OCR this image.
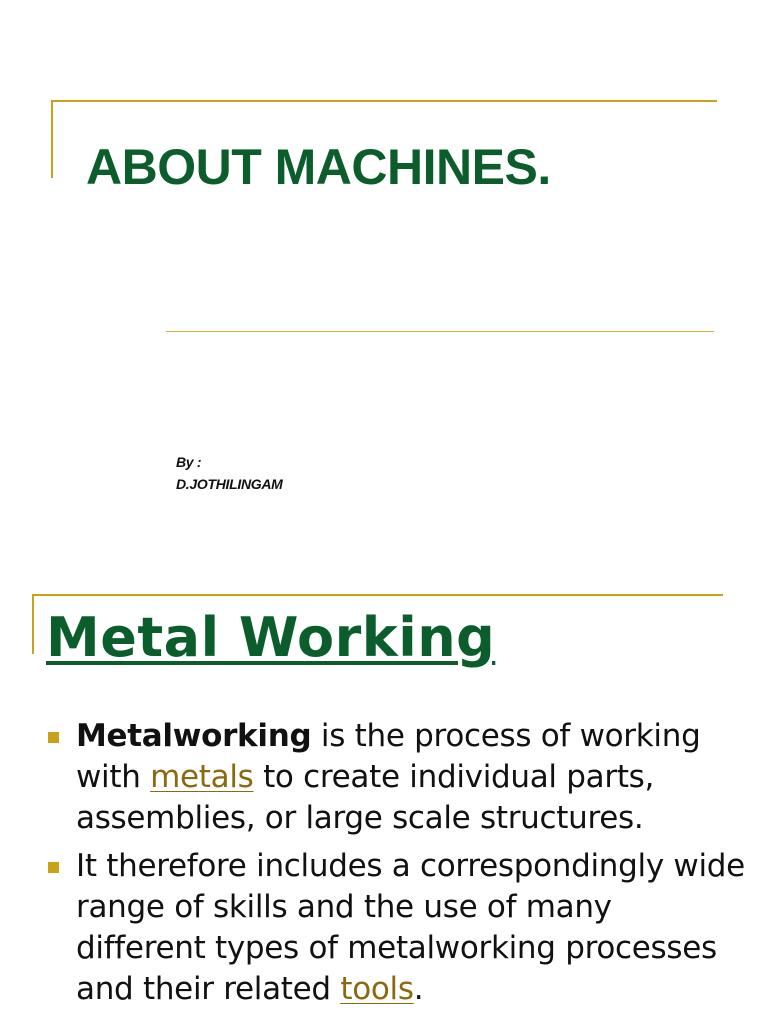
ABOUT MACHINES.
By :
D.JOTHILINGAM
Metal Working
Metalworking is the process of working with metals to create individual parts, assemblies, or large scale structures.
It therefore includes a correspondingly wide range of skills and the use of many different types of metalworking processes and their related tools.
